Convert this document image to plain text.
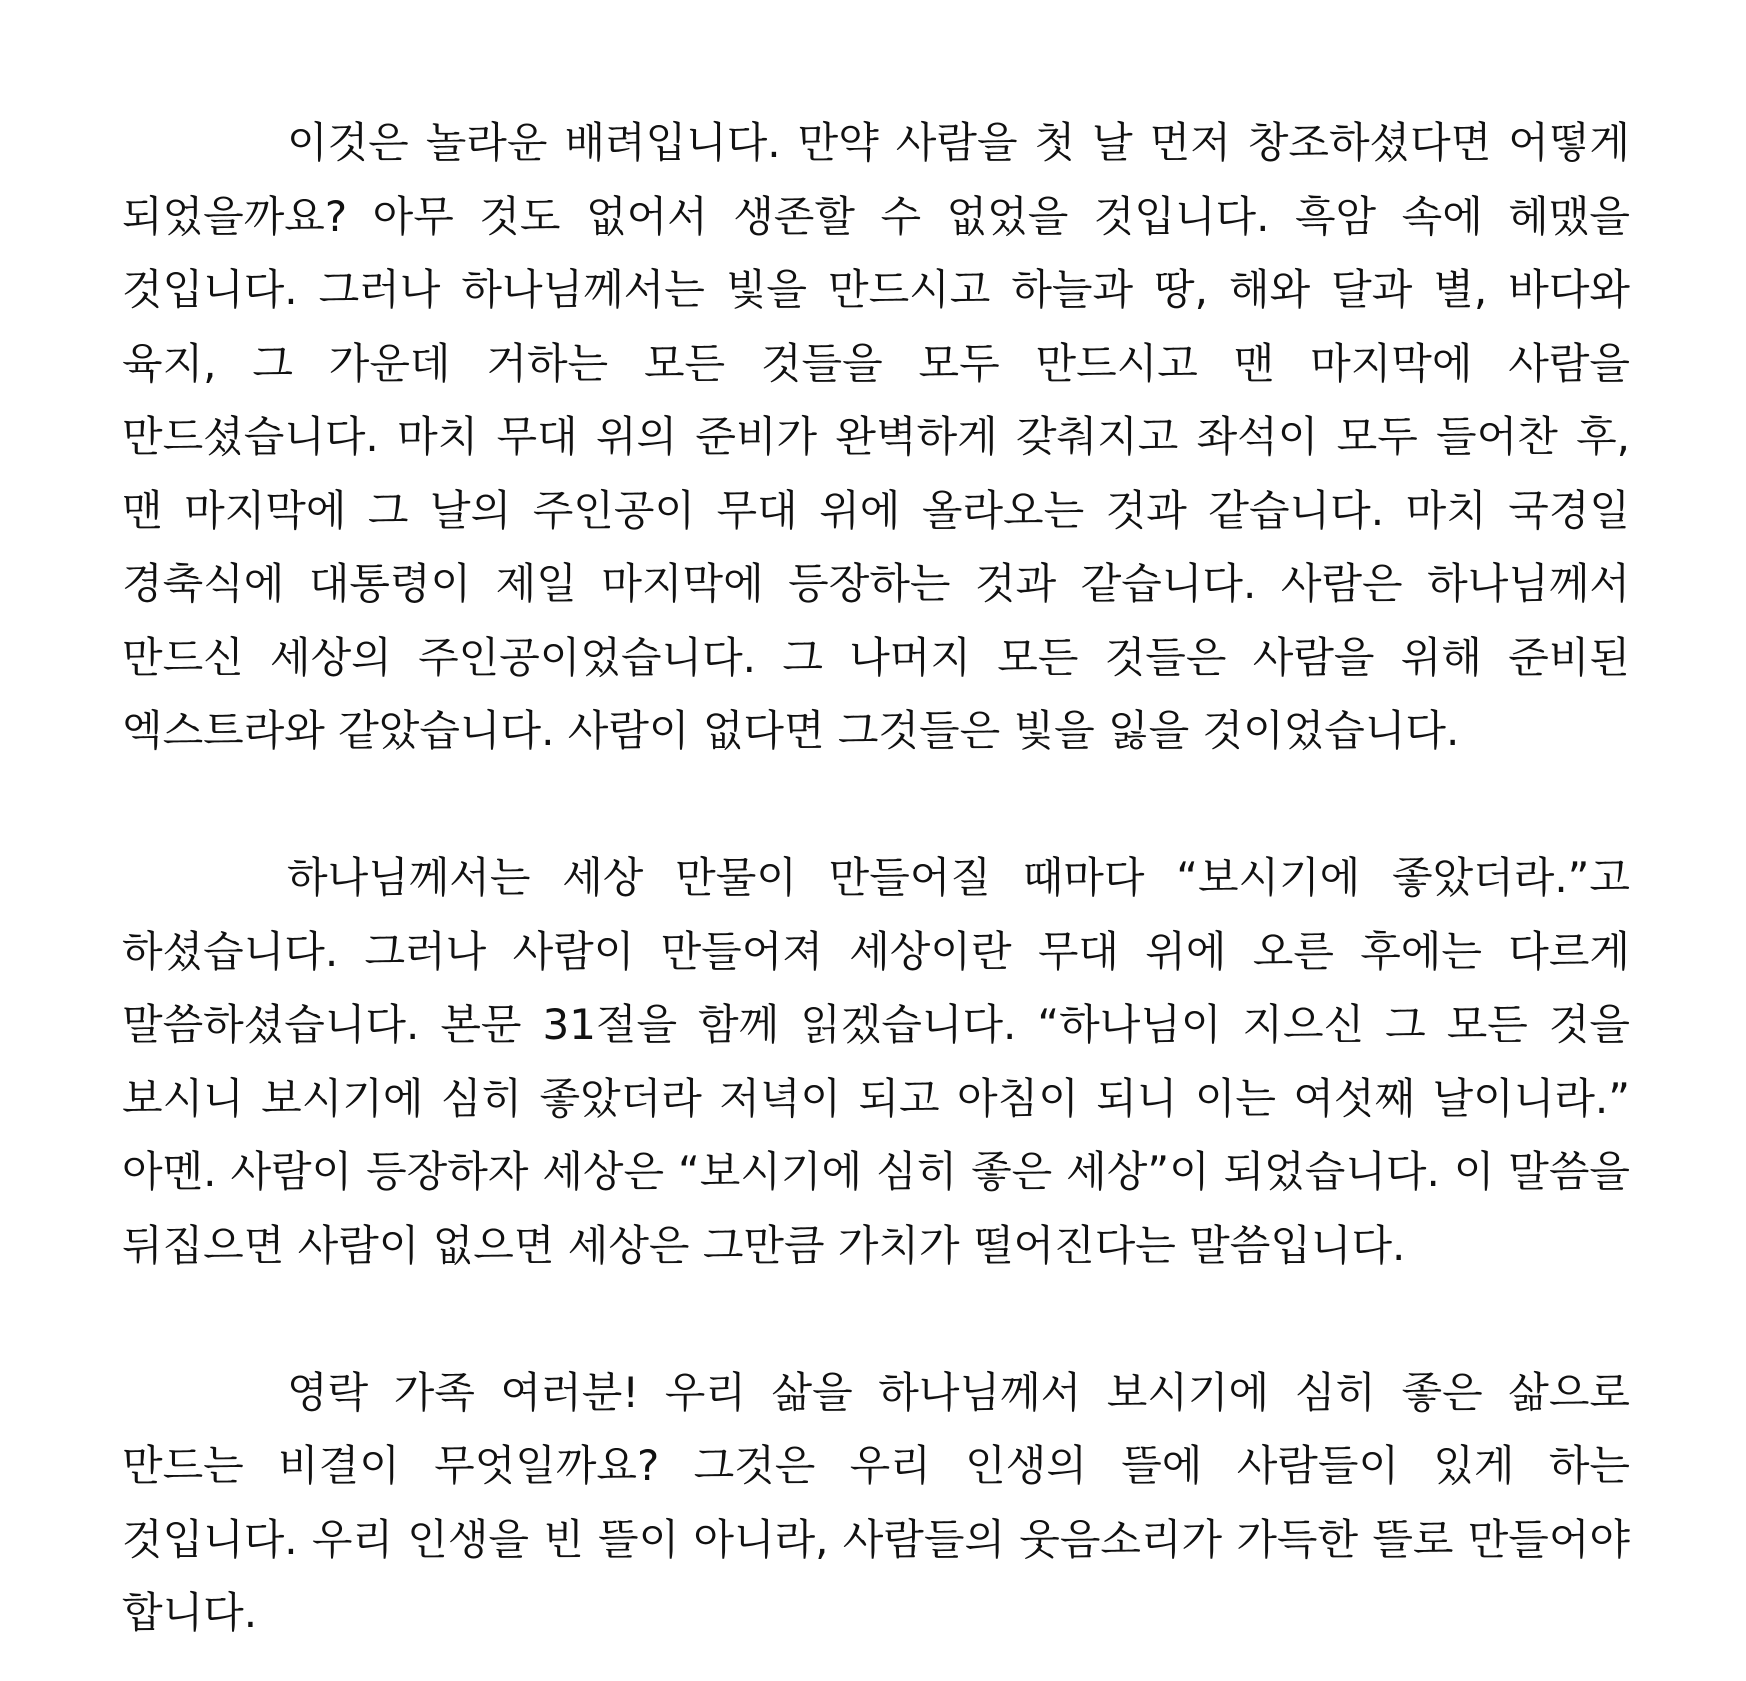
이것은 놀라운 배려입니다. 만약 사람을 첫 날 먼저 창조하셨다면 어떻게 되었을까요? 아무 것도 없어서 생존할 수 없었을 것입니다. 흑암 속에 헤맸을 것입니다. 그러나 하나님께서는 빛을 만드시고 하늘과 땅, 해와 달과 별, 바다와 육지, 그 가운데 거하는 모든 것들을 모두 만드시고 맨 마지막에 사람을 만드셨습니다. 마치 무대 위의 준비가 완벽하게 갖춰지고 좌석이 모두 들어찬 후, 맨 마지막에 그 날의 주인공이 무대 위에 올라오는 것과 같습니다. 마치 국경일 경축식에 대통령이 제일 마지막에 등장하는 것과 같습니다. 사람은 하나님께서 만드신 세상의 주인공이었습니다. 그 나머지 모든 것들은 사람을 위해 준비된 엑스트라와 같았습니다. 사람이 없다면 그것들은 빛을 잃을 것이었습니다.

하나님께서는 세상 만물이 만들어질 때마다 “보시기에 좋았더라.”고 하셨습니다. 그러나 사람이 만들어져 세상이란 무대 위에 오른 후에는 다르게 말씀하셨습니다. 본문 31절을 함께 읽겠습니다. “하나님이 지으신 그 모든 것을 보시니 보시기에 심히 좋았더라 저녁이 되고 아침이 되니 이는 여섯째 날이니라.” 아멘. 사람이 등장하자 세상은 “보시기에 심히 좋은 세상”이 되었습니다. 이 말씀을 뒤집으면 사람이 없으면 세상은 그만큼 가치가 떨어진다는 말씀입니다.

영락 가족 여러분! 우리 삶을 하나님께서 보시기에 심히 좋은 삶으로 만드는 비결이 무엇일까요? 그것은 우리 인생의 뜰에 사람들이 있게 하는 것입니다. 우리 인생을 빈 뜰이 아니라, 사람들의 웃음소리가 가득한 뜰로 만들어야 합니다.
